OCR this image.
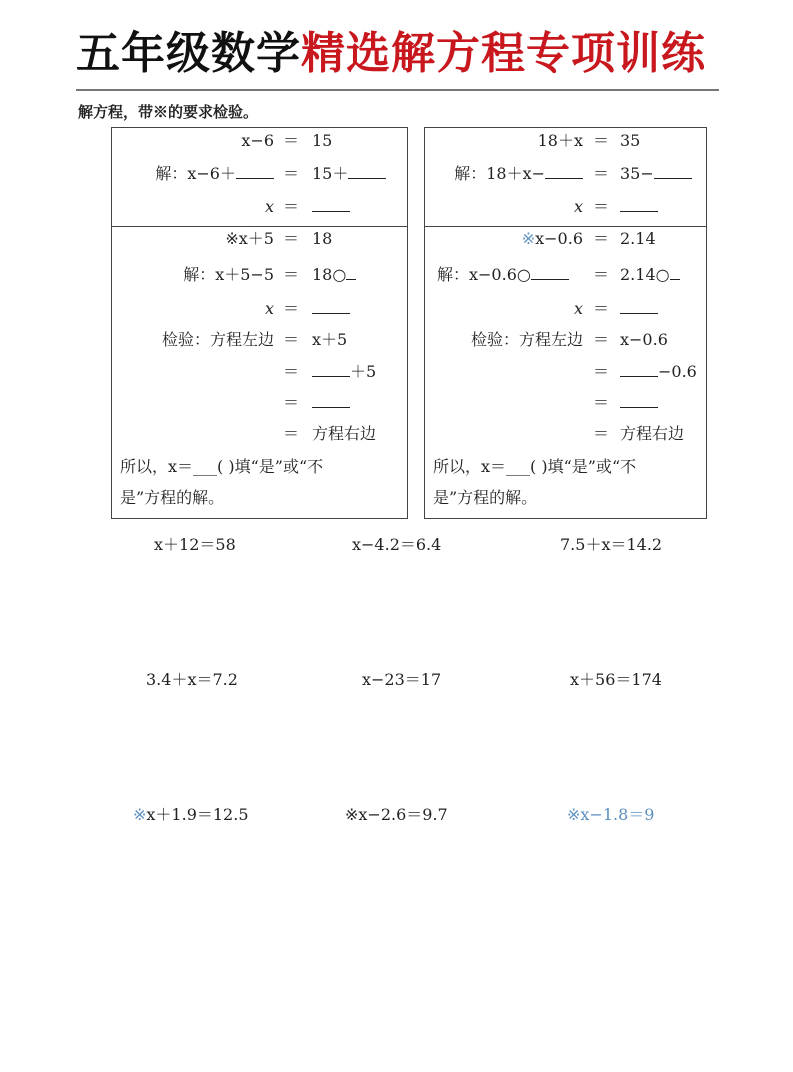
五年级数学精选解方程专项训练
解方程，带※的要求检验。
x−6 ＝ 15
解：x−6＋	＝ 15＋
x ＝
18＋x ＝ 35
解：18＋x−	＝ 35−
x ＝
※x＋5 ＝ 18
解：x＋5−5 ＝ 18○
x ＝
检验：方程左边 ＝ x＋5
＝	＋5
＝
＝ 方程右边
所以，x＝___( )填“是”或“不
是”方程的解。
※x−0.6 ＝ 2.14
解：x−0.6○	＝ 2.14○
x ＝
检验：方程左边 ＝ x−0.6
＝	−0.6
＝
＝ 方程右边
所以，x＝___( )填“是”或“不
是”方程的解。
x＋12＝58	x−4.2＝6.4	7.5＋x＝14.2
3.4＋x＝7.2	x−23＝17	x＋56＝174
※x＋1.9＝12.5	※x−2.6＝9.7	※x−1.8＝9
